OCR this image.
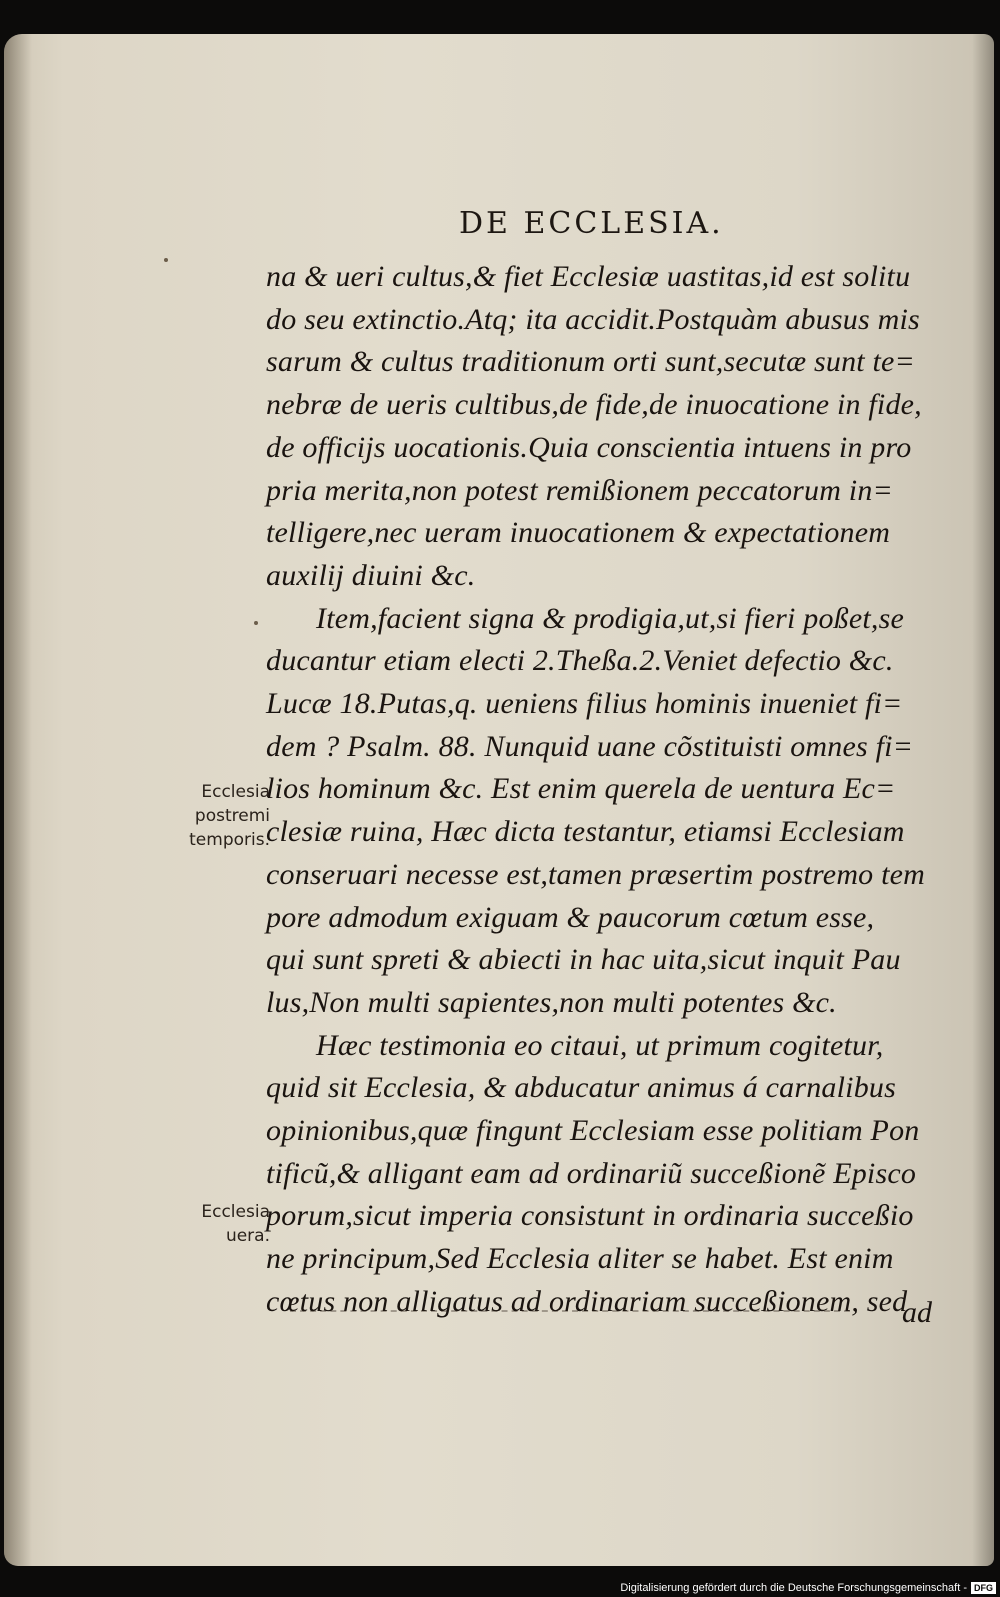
DE ECCLESIA.
na & ueri cultus,& fiet Ecclesiæ uastitas,id est solitu
do seu extinctio.Atq; ita accidit.Postquàm abusus mis
sarum & cultus traditionum orti sunt,secutæ sunt te=
nebræ de ueris cultibus,de fide,de inuocatione in fide,
de officijs uocationis.Quia conscientia intuens in pro
pria merita,non potest remißionem peccatorum in=
telligere,nec ueram inuocationem & expectationem
auxilij diuini &c.
Item,facient signa & prodigia,ut,si fieri poßet,se
ducantur etiam electi 2.Theßa.2.Veniet defectio &c.
Lucæ 18.Putas,q. ueniens filius hominis inueniet fi=
dem ? Psalm. 88. Nunquid uane cõstituisti omnes fi=
lios hominum &c. Est enim querela de uentura Ec=
clesiæ ruina, Hæc dicta testantur, etiamsi Ecclesiam
conseruari necesse est,tamen præsertim postremo tem
pore admodum exiguam & paucorum cœtum esse,
qui sunt spreti & abiecti in hac uita,sicut inquit Pau
lus,Non multi sapientes,non multi potentes &c.
Hæc testimonia eo citaui, ut primum cogitetur,
quid sit Ecclesia, & abducatur animus á carnalibus
opinionibus,quæ fingunt Ecclesiam esse politiam Pon
tificũ,& alligant eam ad ordinariũ succeßionẽ Episco
porum,sicut imperia consistunt in ordinaria succeßio
ne principum,Sed Ecclesia aliter se habet. Est enim
cœtus non alligatus ad ordinariam succeßionem, sed
ad
Ecclesia
postremi
temporis.
Ecclesia
uera.
Digitalisierung gefördert durch die Deutsche Forschungsgemeinschaft - DFG
